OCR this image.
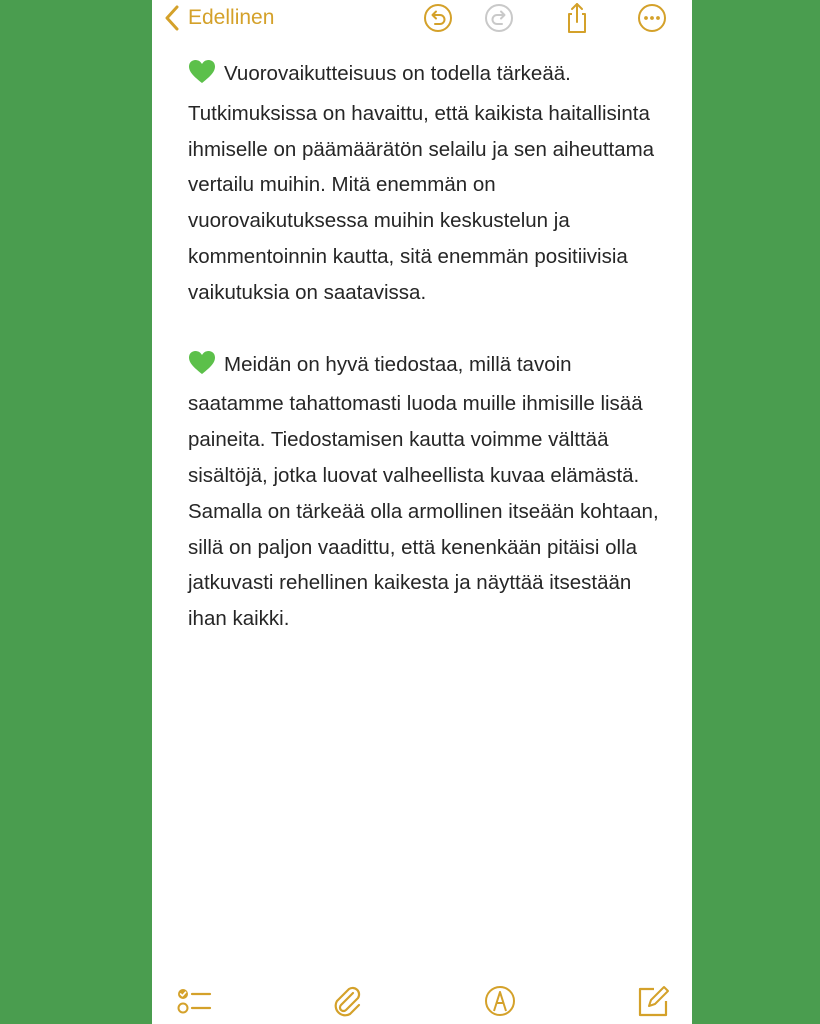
Edellinen

Vuorovaikutteisuus on todella tärkeää. Tutkimuksissa on havaittu, että kaikista haitallisinta ihmiselle on päämäärätön selailu ja sen aiheuttama vertailu muihin. Mitä enemmän on vuorovaikutuksessa muihin keskustelun ja kommentoinnin kautta, sitä enemmän positiivisia vaikutuksia on saatavissa.

Meidän on hyvä tiedostaa, millä tavoin saatamme tahattomasti luoda muille ihmisille lisää paineita. Tiedostamisen kautta voimme välttää sisältöjä, jotka luovat valheellista kuvaa elämästä. Samalla on tärkeää olla armollinen itseään kohtaan, sillä on paljon vaadittu, että kenenkään pitäisi olla jatkuvasti rehellinen kaikesta ja näyttää itsestään ihan kaikki.
